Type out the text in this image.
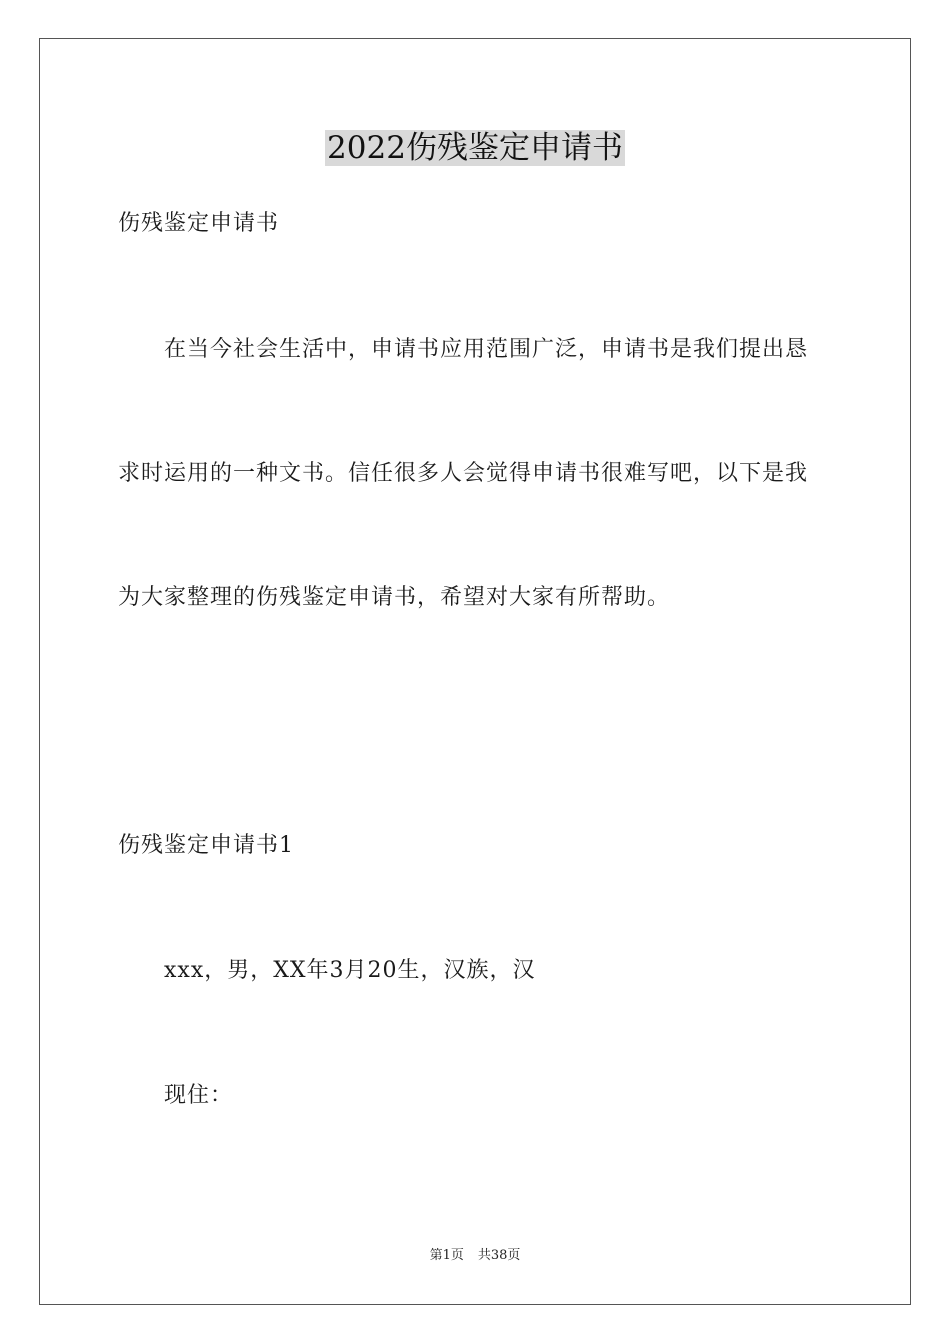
2022伤残鉴定申请书
伤残鉴定申请书
在当今社会生活中，申请书应用范围广泛，申请书是我们提出恳
求时运用的一种文书。信任很多人会觉得申请书很难写吧，以下是我
为大家整理的伤残鉴定申请书，希望对大家有所帮助。
伤残鉴定申请书1
xxx，男，XX年3月20生，汉族，汉
现住：
第1页 共38页
